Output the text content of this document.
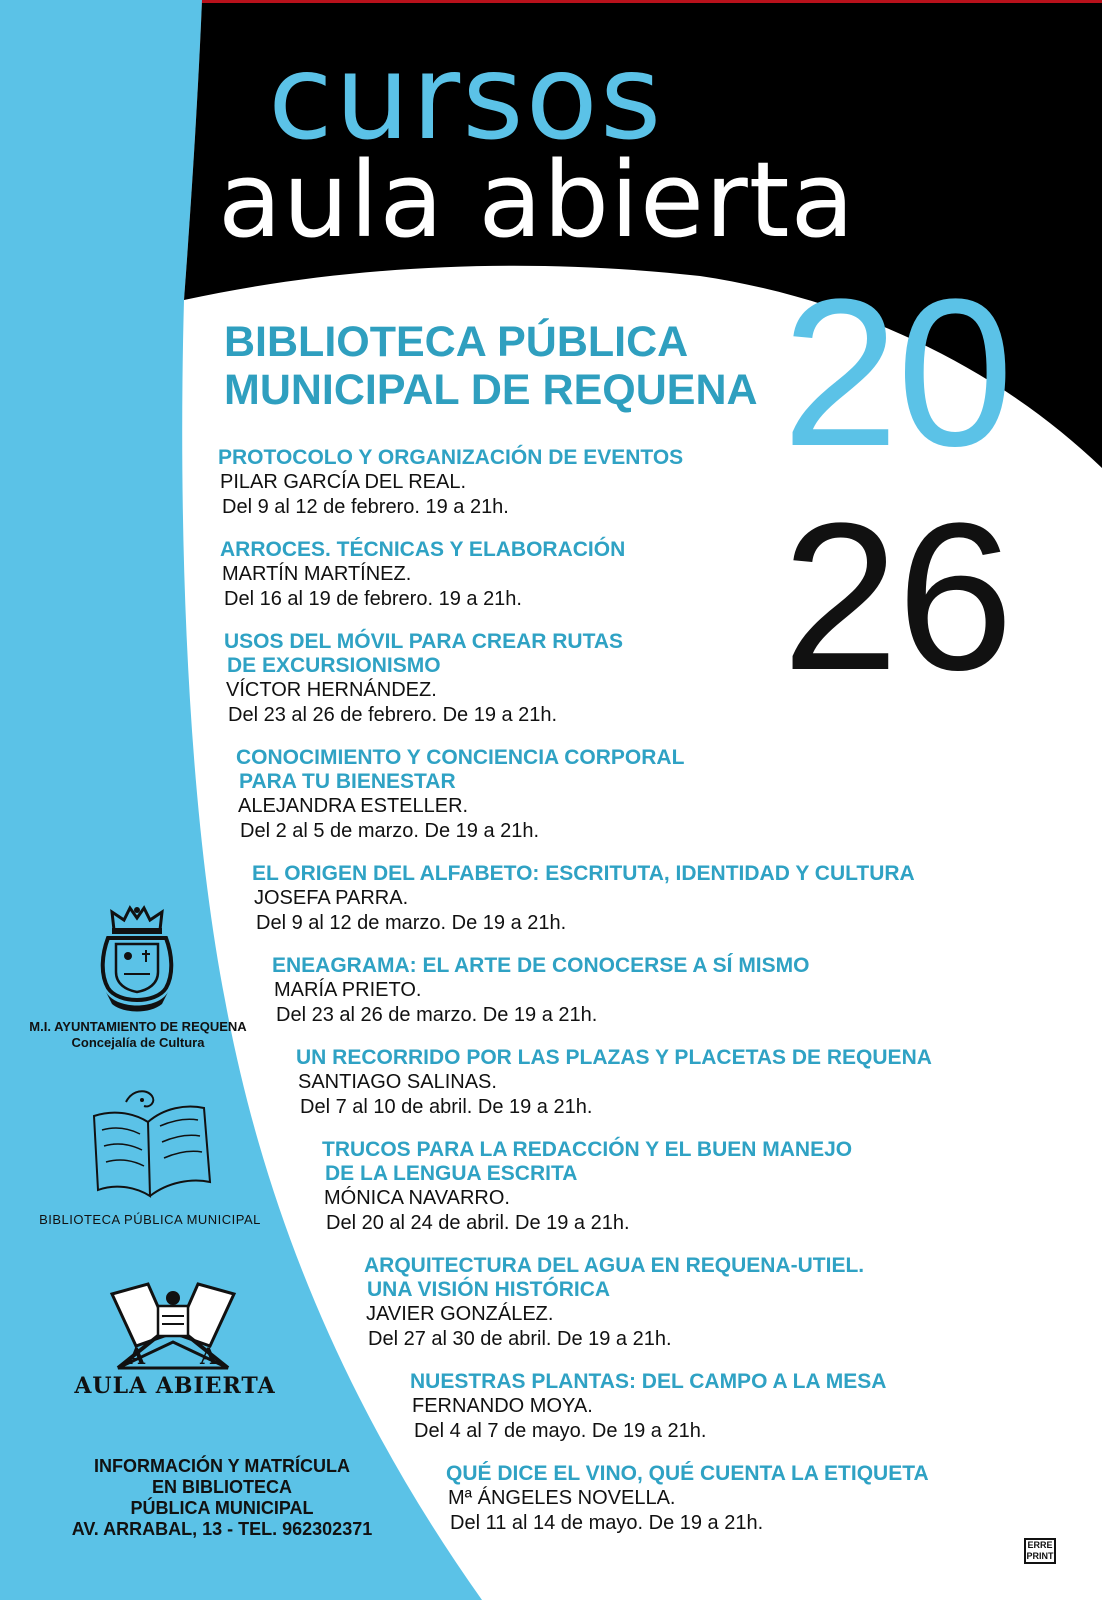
cursos
aula abierta
20
26
BIBLIOTECA PÚBLICA
MUNICIPAL DE REQUENA
PROTOCOLO Y ORGANIZACIÓN DE EVENTOS
PILAR GARCÍA DEL REAL.
Del 9 al 12 de febrero. 19 a 21h.
ARROCES. TÉCNICAS Y ELABORACIÓN
MARTÍN MARTÍNEZ.
Del 16 al 19 de febrero. 19 a 21h.
USOS DEL MÓVIL PARA CREAR RUTAS
DE EXCURSIONISMO
VÍCTOR HERNÁNDEZ.
Del 23 al 26 de febrero. De 19 a 21h.
CONOCIMIENTO Y CONCIENCIA CORPORAL
PARA TU BIENESTAR
ALEJANDRA ESTELLER.
Del 2 al 5 de marzo. De 19 a 21h.
EL ORIGEN DEL ALFABETO: ESCRITUTA, IDENTIDAD Y CULTURA
JOSEFA PARRA.
Del 9 al 12 de marzo. De 19 a 21h.
ENEAGRAMA: EL ARTE DE CONOCERSE A SÍ MISMO
MARÍA PRIETO.
Del 23 al 26 de marzo. De 19 a 21h.
UN RECORRIDO POR LAS PLAZAS Y PLACETAS DE REQUENA
SANTIAGO SALINAS.
Del 7 al 10 de abril. De 19 a 21h.
TRUCOS PARA LA REDACCIÓN Y EL BUEN MANEJO
DE LA LENGUA ESCRITA
MÓNICA NAVARRO.
Del 20 al 24 de abril. De 19 a 21h.
ARQUITECTURA DEL AGUA EN REQUENA-UTIEL.
UNA VISIÓN HISTÓRICA
JAVIER GONZÁLEZ.
Del 27 al 30 de abril. De 19 a 21h.
NUESTRAS PLANTAS: DEL CAMPO A LA MESA
FERNANDO MOYA.
Del 4 al 7 de mayo. De 19 a 21h.
QUÉ DICE EL VINO, QUÉ CUENTA LA ETIQUETA
Mª ÁNGELES NOVELLA.
Del 11 al 14 de mayo. De 19 a 21h.
M.I. AYUNTAMIENTO DE REQUENA
Concejalía de Cultura
BIBLIOTECA PÚBLICA MUNICIPAL
A A
AULA ABIERTA
INFORMACIÓN Y MATRÍCULA
EN BIBLIOTECA
PÚBLICA MUNICIPAL
AV. ARRABAL, 13 - TEL. 962302371
ERRE PRINT
